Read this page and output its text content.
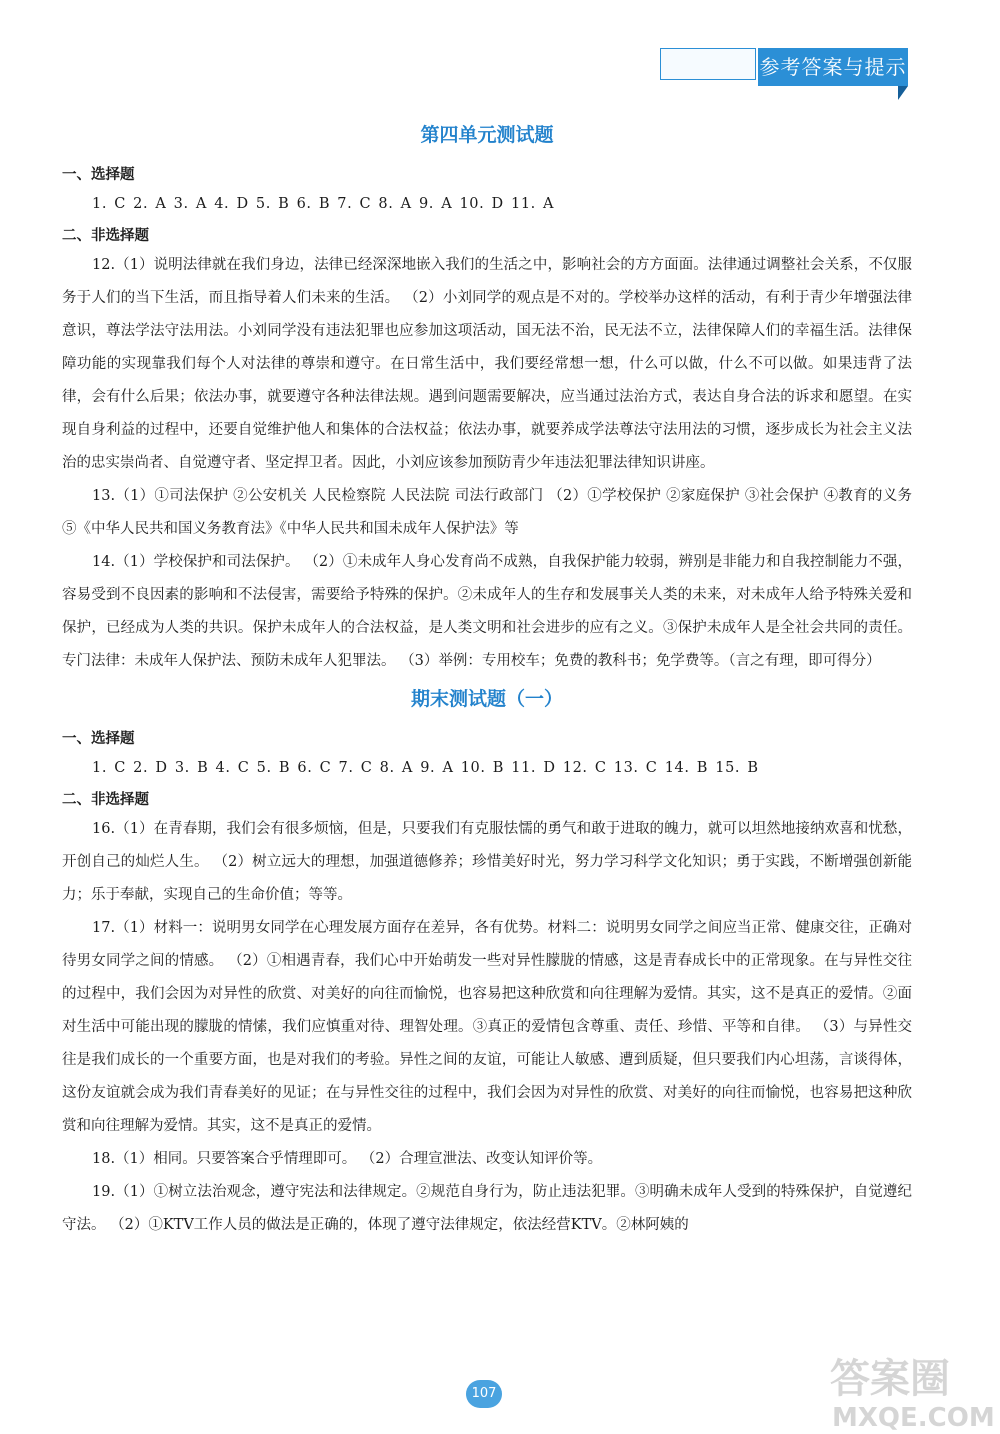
参考答案与提示
第四单元测试题

一、选择题

1. C 2. A 3. A 4. D 5. B 6. B 7. C 8. A 9. A 10. D 11. A

二、非选择题

12.（1）说明法律就在我们身边，法律已经深深地嵌入我们的生活之中，影响社会的方方面面。法律通过调整社会关系，不仅服务于人们的当下生活，而且指导着人们未来的生活。 （2）小刘同学的观点是不对的。学校举办这样的活动，有利于青少年增强法律意识，尊法学法守法用法。小刘同学没有违法犯罪也应参加这项活动，国无法不治，民无法不立，法律保障人们的幸福生活。法律保障功能的实现靠我们每个人对法律的尊崇和遵守。在日常生活中，我们要经常想一想，什么可以做，什么不可以做。如果违背了法律，会有什么后果；依法办事，就要遵守各种法律法规。遇到问题需要解决，应当通过法治方式，表达自身合法的诉求和愿望。在实现自身利益的过程中，还要自觉维护他人和集体的合法权益；依法办事，就要养成学法尊法守法用法的习惯，逐步成长为社会主义法治的忠实崇尚者、自觉遵守者、坚定捍卫者。因此，小刘应该参加预防青少年违法犯罪法律知识讲座。

13.（1）①司法保护 ②公安机关 人民检察院 人民法院 司法行政部门 （2）①学校保护 ②家庭保护 ③社会保护 ④教育的义务 ⑤《中华人民共和国义务教育法》《中华人民共和国未成年人保护法》等

14.（1）学校保护和司法保护。 （2）①未成年人身心发育尚不成熟，自我保护能力较弱，辨别是非能力和自我控制能力不强，容易受到不良因素的影响和不法侵害，需要给予特殊的保护。②未成年人的生存和发展事关人类的未来，对未成年人给予特殊关爱和保护，已经成为人类的共识。保护未成年人的合法权益，是人类文明和社会进步的应有之义。③保护未成年人是全社会共同的责任。专门法律：未成年人保护法、预防未成年人犯罪法。 （3）举例：专用校车；免费的教科书；免学费等。（言之有理，即可得分）

期末测试题（一）

一、选择题

1. C 2. D 3. B 4. C 5. B 6. C 7. C 8. A 9. A 10. B 11. D 12. C 13. C 14. B 15. B

二、非选择题

16.（1）在青春期，我们会有很多烦恼，但是，只要我们有克服怯懦的勇气和敢于进取的魄力，就可以坦然地接纳欢喜和忧愁，开创自己的灿烂人生。 （2）树立远大的理想，加强道德修养；珍惜美好时光，努力学习科学文化知识；勇于实践，不断增强创新能力；乐于奉献，实现自己的生命价值；等等。

17.（1）材料一：说明男女同学在心理发展方面存在差异，各有优势。材料二：说明男女同学之间应当正常、健康交往，正确对待男女同学之间的情感。 （2）①相遇青春，我们心中开始萌发一些对异性朦胧的情感，这是青春成长中的正常现象。在与异性交往的过程中，我们会因为对异性的欣赏、对美好的向往而愉悦，也容易把这种欣赏和向往理解为爱情。其实，这不是真正的爱情。②面对生活中可能出现的朦胧的情愫，我们应慎重对待、理智处理。③真正的爱情包含尊重、责任、珍惜、平等和自律。 （3）与异性交往是我们成长的一个重要方面，也是对我们的考验。异性之间的友谊，可能让人敏感、遭到质疑，但只要我们内心坦荡，言谈得体，这份友谊就会成为我们青春美好的见证；在与异性交往的过程中，我们会因为对异性的欣赏、对美好的向往而愉悦，也容易把这种欣赏和向往理解为爱情。其实，这不是真正的爱情。

18.（1）相同。只要答案合乎情理即可。 （2）合理宣泄法、改变认知评价等。

19.（1）①树立法治观念，遵守宪法和法律规定。②规范自身行为，防止违法犯罪。③明确未成年人受到的特殊保护，自觉遵纪守法。 （2）①KTV工作人员的做法是正确的，体现了遵守法律规定，依法经营KTV。②林阿姨的

107	答案圈
MXQE.COM
